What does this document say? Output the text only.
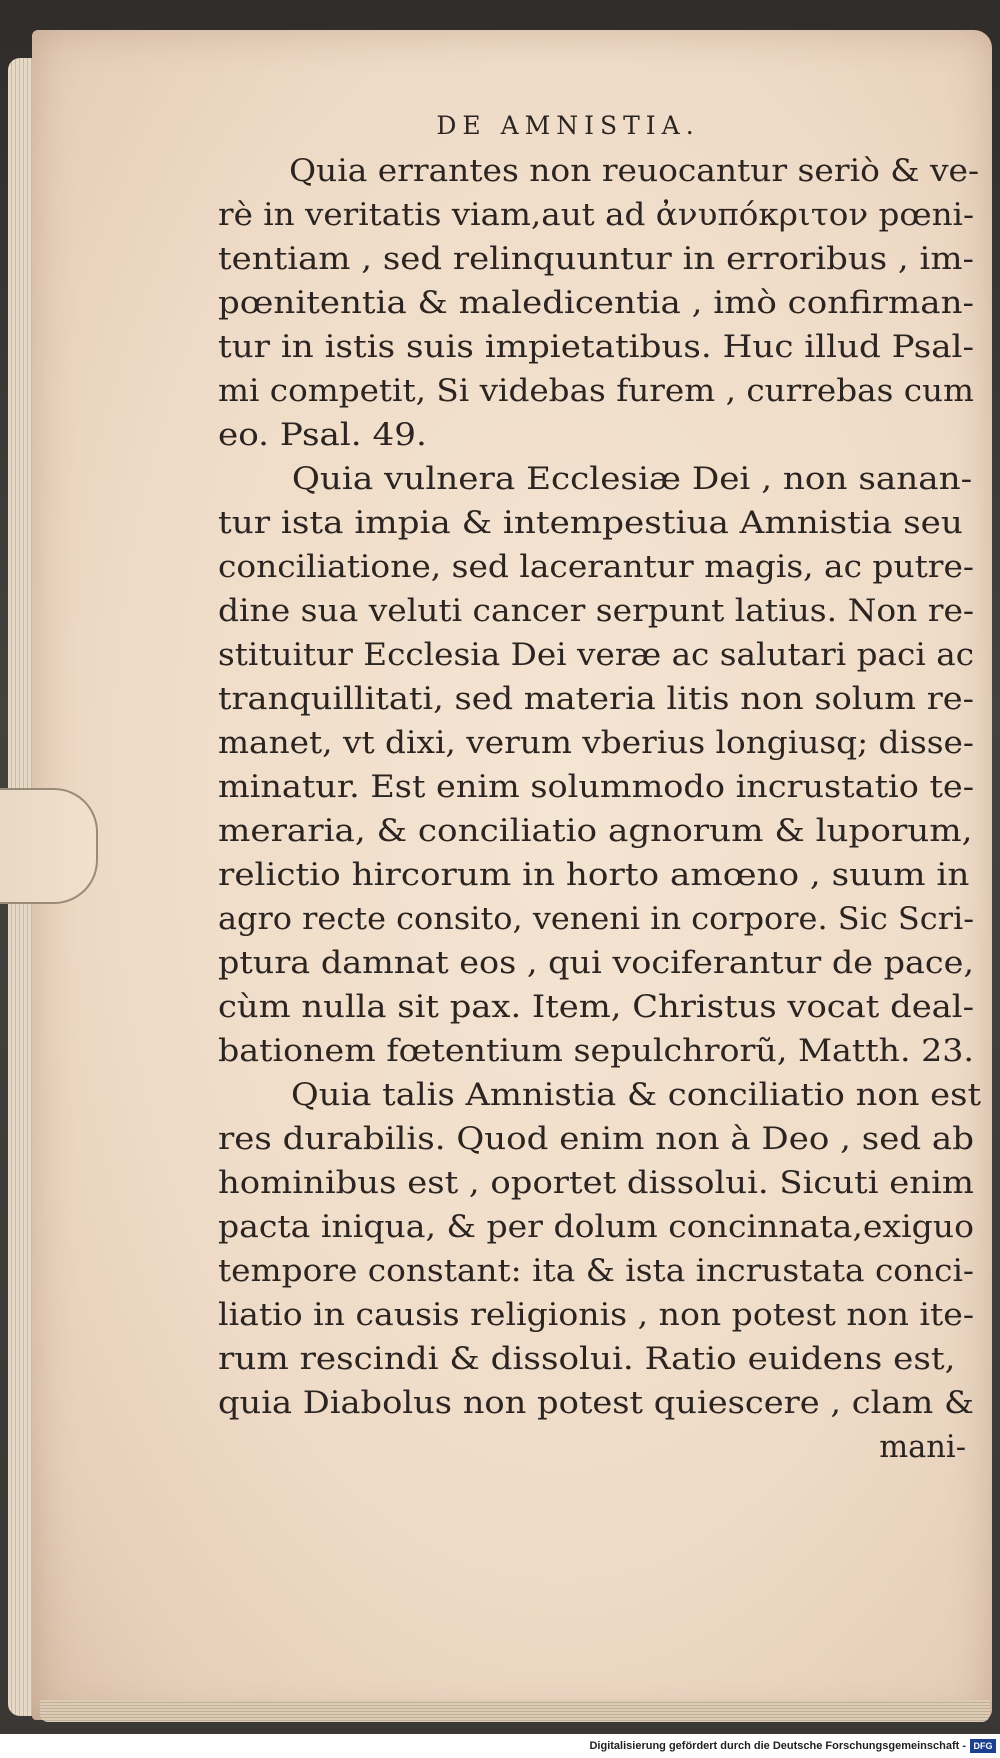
DE AMNISTIA.
Quia errantes non reuocantur seriò & ve-
rè in veritatis viam,aut ad ἀνυπόκριτον pœni-
tentiam , sed relinquuntur in erroribus , im-
pœnitentia & maledicentia , imò confirman-
tur in istis suis impietatibus. Huc illud Psal-
mi competit, Si videbas furem , currebas cum
eo. Psal. 49.
Quia vulnera Ecclesiæ Dei , non sanan-
tur ista impia & intempestiua Amnistia seu
conciliatione, sed lacerantur magis, ac putre-
dine sua veluti cancer serpunt latius. Non re-
stituitur Ecclesia Dei veræ ac salutari paci ac
tranquillitati, sed materia litis non solum re-
manet, vt dixi, verum vberius longiusq; disse-
minatur. Est enim solummodo incrustatio te-
meraria, & conciliatio agnorum & luporum,
relictio hircorum in horto amœno , suum in
agro recte consito, veneni in corpore. Sic Scri-
ptura damnat eos , qui vociferantur de pace,
cùm nulla sit pax. Item, Christus vocat deal-
bationem fœtentium sepulchrorũ, Matth. 23.
Quia talis Amnistia & conciliatio non est
res durabilis. Quod enim non à Deo , sed ab
hominibus est , oportet dissolui. Sicuti enim
pacta iniqua, & per dolum concinnata,exiguo
tempore constant: ita & ista incrustata conci-
liatio in causis religionis , non potest non ite-
rum rescindi & dissolui. Ratio euidens est,
quia Diabolus non potest quiescere , clam &
mani-
Digitalisierung gefördert durch die Deutsche Forschungsgemeinschaft - DFG
